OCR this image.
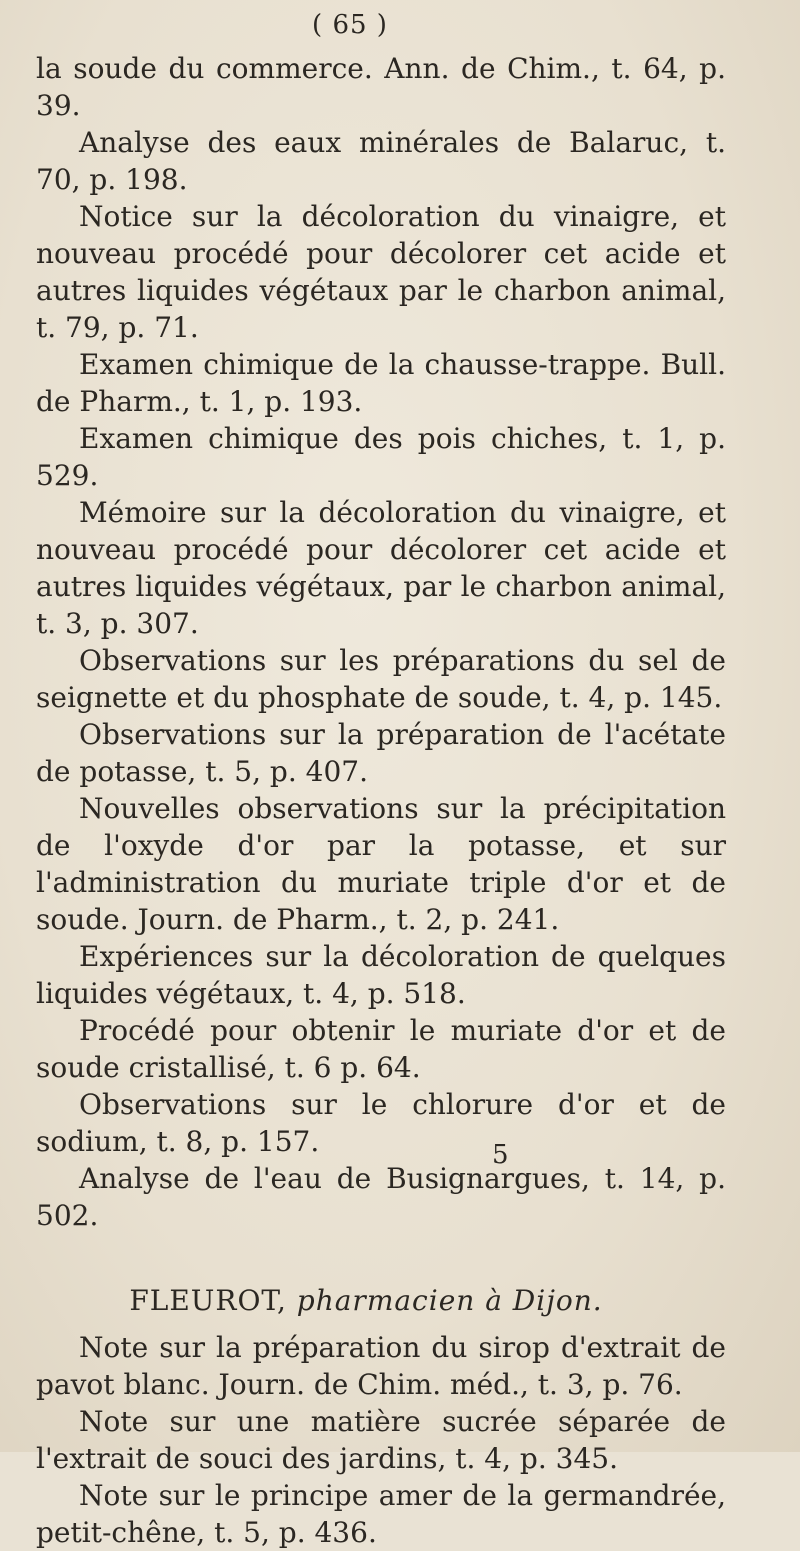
( 65 )

la soude du commerce. Ann. de Chim., t. 64, p. 39.

Analyse des eaux minérales de Balaruc, t. 70, p. 198.

Notice sur la décoloration du vinaigre, et nouveau procédé pour décolorer cet acide et autres liquides végétaux par le charbon animal, t. 79, p. 71.

Examen chimique de la chausse-trappe. Bull. de Pharm., t. 1, p. 193.

Examen chimique des pois chiches, t. 1, p. 529.

Mémoire sur la décoloration du vinaigre, et nouveau procédé pour décolorer cet acide et autres liquides végétaux, par le charbon animal, t. 3, p. 307.

Observations sur les préparations du sel de seignette et du phosphate de soude, t. 4, p. 145.

Observations sur la préparation de l'acétate de potasse, t. 5, p. 407.

Nouvelles observations sur la précipitation de l'oxyde d'or par la potasse, et sur l'administration du muriate triple d'or et de soude. Journ. de Pharm., t. 2, p. 241.

Expériences sur la décoloration de quelques liquides végétaux, t. 4, p. 518.

Procédé pour obtenir le muriate d'or et de soude cristallisé, t. 6 p. 64.

Observations sur le chlorure d'or et de sodium, t. 8, p. 157.

Analyse de l'eau de Busignargues, t. 14, p. 502.

FLEUROT, pharmacien à Dijon.

Note sur la préparation du sirop d'extrait de pavot blanc. Journ. de Chim. méd., t. 3, p. 76.

Note sur une matière sucrée séparée de l'extrait de souci des jardins, t. 4, p. 345.

Note sur le principe amer de la germandrée, petit-chêne, t. 5, p. 436.

5
